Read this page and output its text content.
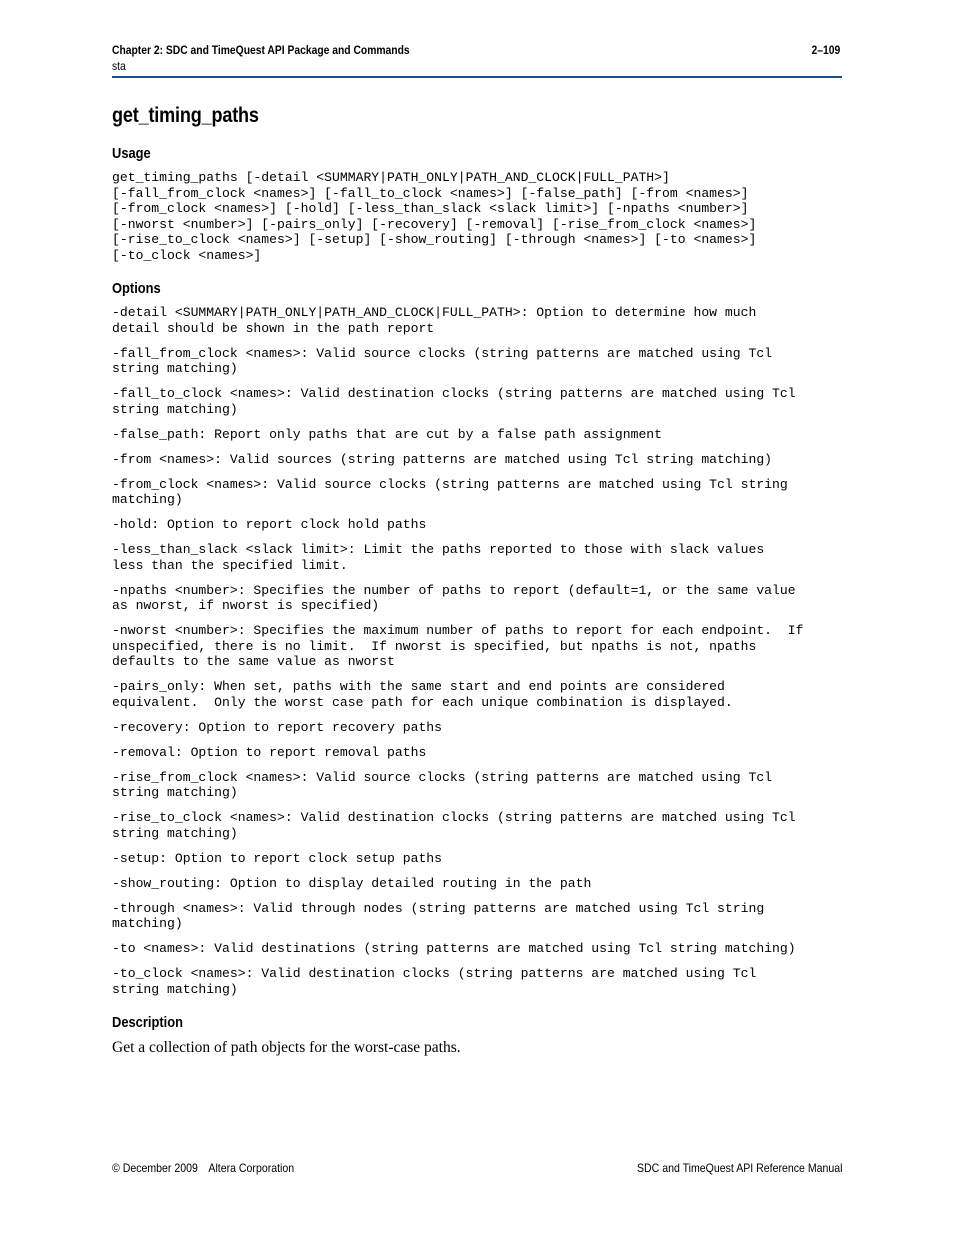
Chapter 2: SDC and TimeQuest API Package and Commands	2–109
sta
get_timing_paths
Usage
get_timing_paths [-detail <SUMMARY|PATH_ONLY|PATH_AND_CLOCK|FULL_PATH>]
[-fall_from_clock <names>] [-fall_to_clock <names>] [-false_path] [-from <names>]
[-from_clock <names>] [-hold] [-less_than_slack <slack limit>] [-npaths <number>]
[-nworst <number>] [-pairs_only] [-recovery] [-removal] [-rise_from_clock <names>]
[-rise_to_clock <names>] [-setup] [-show_routing] [-through <names>] [-to <names>]
[-to_clock <names>]
Options
-detail <SUMMARY|PATH_ONLY|PATH_AND_CLOCK|FULL_PATH>: Option to determine how much
detail should be shown in the path report
-fall_from_clock <names>: Valid source clocks (string patterns are matched using Tcl
string matching)
-fall_to_clock <names>: Valid destination clocks (string patterns are matched using Tcl
string matching)
-false_path: Report only paths that are cut by a false path assignment
-from <names>: Valid sources (string patterns are matched using Tcl string matching)
-from_clock <names>: Valid source clocks (string patterns are matched using Tcl string
matching)
-hold: Option to report clock hold paths
-less_than_slack <slack limit>: Limit the paths reported to those with slack values
less than the specified limit.
-npaths <number>: Specifies the number of paths to report (default=1, or the same value
as nworst, if nworst is specified)
-nworst <number>: Specifies the maximum number of paths to report for each endpoint.  If
unspecified, there is no limit.  If nworst is specified, but npaths is not, npaths
defaults to the same value as nworst
-pairs_only: When set, paths with the same start and end points are considered
equivalent.  Only the worst case path for each unique combination is displayed.
-recovery: Option to report recovery paths
-removal: Option to report removal paths
-rise_from_clock <names>: Valid source clocks (string patterns are matched using Tcl
string matching)
-rise_to_clock <names>: Valid destination clocks (string patterns are matched using Tcl
string matching)
-setup: Option to report clock setup paths
-show_routing: Option to display detailed routing in the path
-through <names>: Valid through nodes (string patterns are matched using Tcl string
matching)
-to <names>: Valid destinations (string patterns are matched using Tcl string matching)
-to_clock <names>: Valid destination clocks (string patterns are matched using Tcl
string matching)
Description

Get a collection of path objects for the worst-case paths.

© December 2009 Altera Corporation	SDC and TimeQuest API Reference Manual
